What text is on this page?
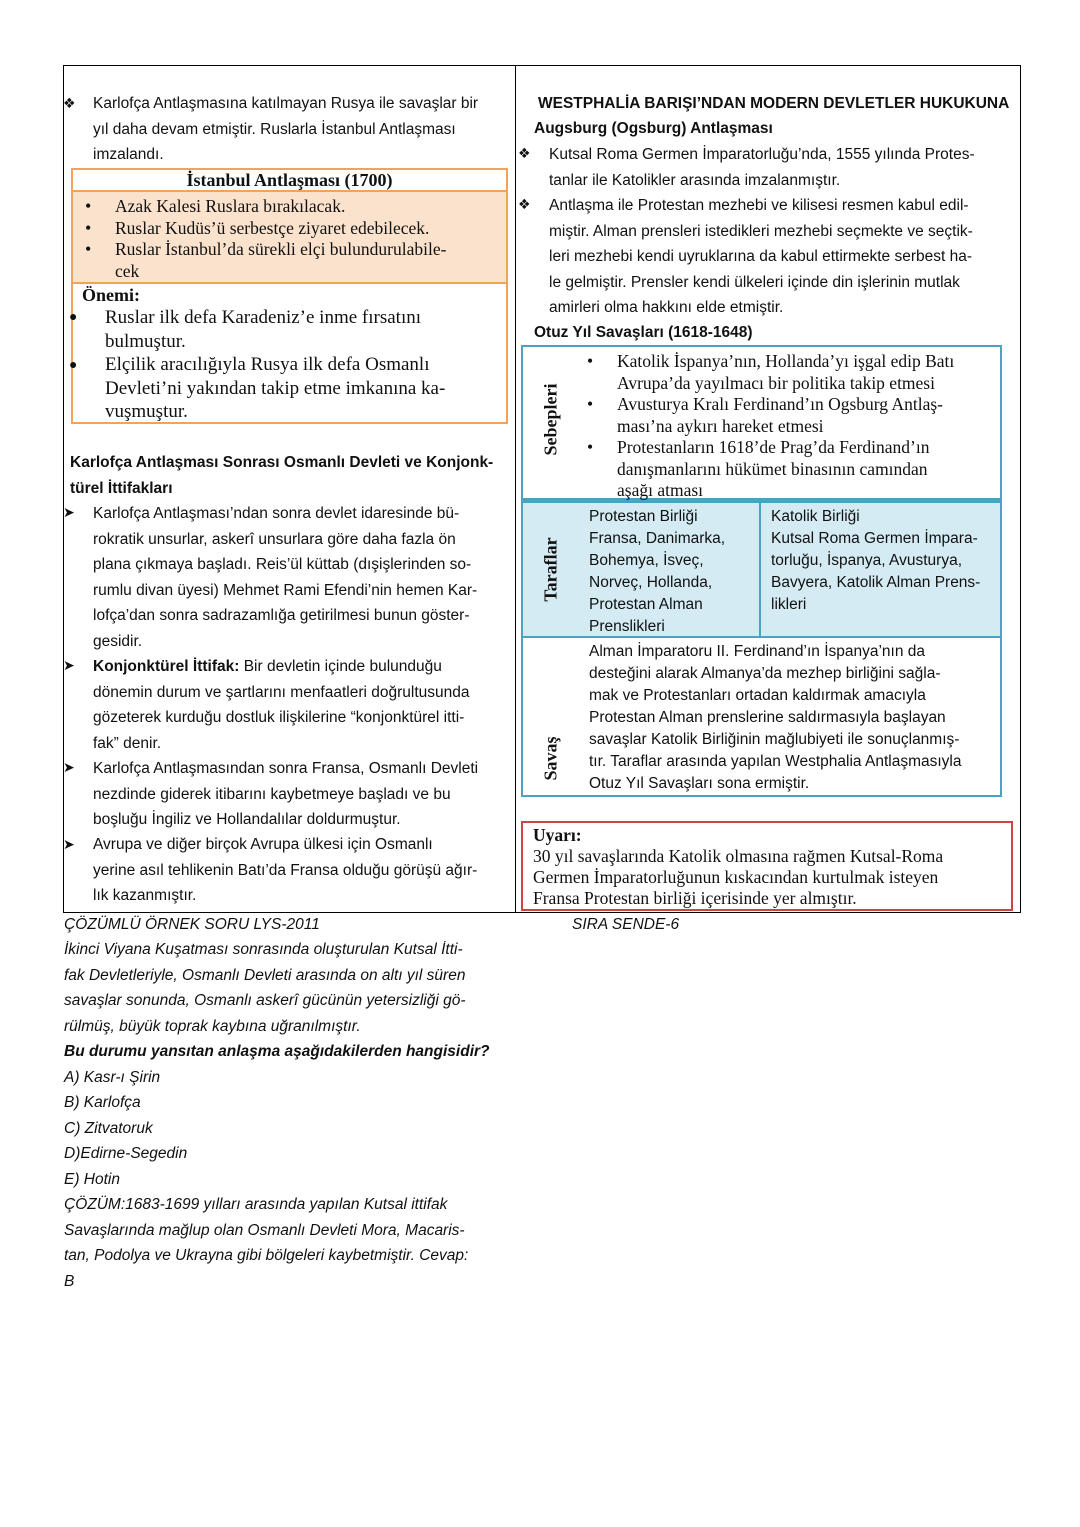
❖ Karlofça Antlaşmasına katılmayan Rusya ile savaşlar bir
yıl daha devam etmiştir. Ruslarla İstanbul Antlaşması
imzalandı.
İstanbul Antlaşması (1700)
• Azak Kalesi Ruslara bırakılacak.
• Ruslar Kudüs’ü serbestçe ziyaret edebilecek.
• Ruslar İstanbul’da sürekli elçi bulundurulabile-
cek
Önemi:
● Ruslar ilk defa Karadeniz’e inme fırsatını
bulmuştur.
● Elçilik aracılığıyla Rusya ilk defa Osmanlı
Devleti’ni yakından takip etme imkanına ka-
vuşmuştur.
Karlofça Antlaşması Sonrası Osmanlı Devleti ve Konjonk-
türel İttifakları
➤ Karlofça Antlaşması’ndan sonra devlet idaresinde bü-
rokratik unsurlar, askerî unsurlara göre daha fazla ön
plana çıkmaya başladı. Reis’ül küttab (dışişlerinden so-
rumlu divan üyesi) Mehmet Rami Efendi’nin hemen Kar-
lofça’dan sonra sadrazamlığa getirilmesi bunun göster-
gesidir.
➤ Konjonktürel İttifak: Bir devletin içinde bulunduğu
dönemin durum ve şartlarını menfaatleri doğrultusunda
gözeterek kurduğu dostluk ilişkilerine “konjonktürel itti-
fak” denir.
➤ Karlofça Antlaşmasından sonra Fransa, Osmanlı Devleti
nezdinde giderek itibarını kaybetmeye başladı ve bu
boşluğu İngiliz ve Hollandalılar doldurmuştur.
➤ Avrupa ve diğer birçok Avrupa ülkesi için Osmanlı
yerine asıl tehlikenin Batı’da Fransa olduğu görüşü ağır-
lık kazanmıştır.
WESTPHALİA BARIŞI’NDAN MODERN DEVLETLER HUKUKUNA
Augsburg (Ogsburg) Antlaşması
❖ Kutsal Roma Germen İmparatorluğu’nda, 1555 yılında Protes-
tanlar ile Katolikler arasında imzalanmıştır.
❖ Antlaşma ile Protestan mezhebi ve kilisesi resmen kabul edil-
miştir. Alman prensleri istedikleri mezhebi seçmekte ve seçtik-
leri mezhebi kendi uyruklarına da kabul ettirmekte serbest ha-
le gelmiştir. Prensler kendi ülkeleri içinde din işlerinin mutlak
amirleri olma hakkını elde etmiştir.
Otuz Yıl Savaşları (1618-1648)
Sebepleri
• Katolik İspanya’nın, Hollanda’yı işgal edip Batı
Avrupa’da yayılmacı bir politika takip etmesi
• Avusturya Kralı Ferdinand’ın Ogsburg Antlaş-
ması’na aykırı hareket etmesi
• Protestanların 1618’de Prag’da Ferdinand’ın
danışmanlarını hükümet binasının camından
aşağı atması
Taraflar
Protestan Birliği
Fransa, Danimarka,
Bohemya, İsveç,
Norveç, Hollanda,
Protestan Alman
Prenslikleri
Katolik Birliği
Kutsal Roma Germen İmpara-
torluğu, İspanya, Avusturya,
Bavyera, Katolik Alman Prens-
likleri
Savaş
Alman İmparatoru II. Ferdinand’ın İspanya’nın da
desteğini alarak Almanya’da mezhep birliğini sağla-
mak ve Protestanları ortadan kaldırmak amacıyla
Protestan Alman prenslerine saldırmasıyla başlayan
savaşlar Katolik Birliğinin mağlubiyeti ile sonuçlanmış-
tır. Taraflar arasında yapılan Westphalia Antlaşmasıyla
Otuz Yıl Savaşları sona ermiştir.
Uyarı:
30 yıl savaşlarında Katolik olmasına rağmen Kutsal-Roma
Germen İmparatorluğunun kıskacından kurtulmak isteyen
Fransa Protestan birliği içerisinde yer almıştır.
ÇÖZÜMLÜ ÖRNEK SORU LYS-2011	SIRA SENDE-6
İkinci Viyana Kuşatması sonrasında oluşturulan Kutsal İtti-
fak Devletleriyle, Osmanlı Devleti arasında on altı yıl süren
savaşlar sonunda, Osmanlı askerî gücünün yetersizliği gö-
rülmüş, büyük toprak kaybına uğranılmıştır.
Bu durumu yansıtan anlaşma aşağıdakilerden hangisidir?
A) Kasr-ı Şirin
B) Karlofça
C) Zitvatoruk
D)Edirne-Segedin
E) Hotin
ÇÖZÜM:1683-1699 yılları arasında yapılan Kutsal ittifak
Savaşlarında mağlup olan Osmanlı Devleti Mora, Macaris-
tan, Podolya ve Ukrayna gibi bölgeleri kaybetmiştir. Cevap:
B
